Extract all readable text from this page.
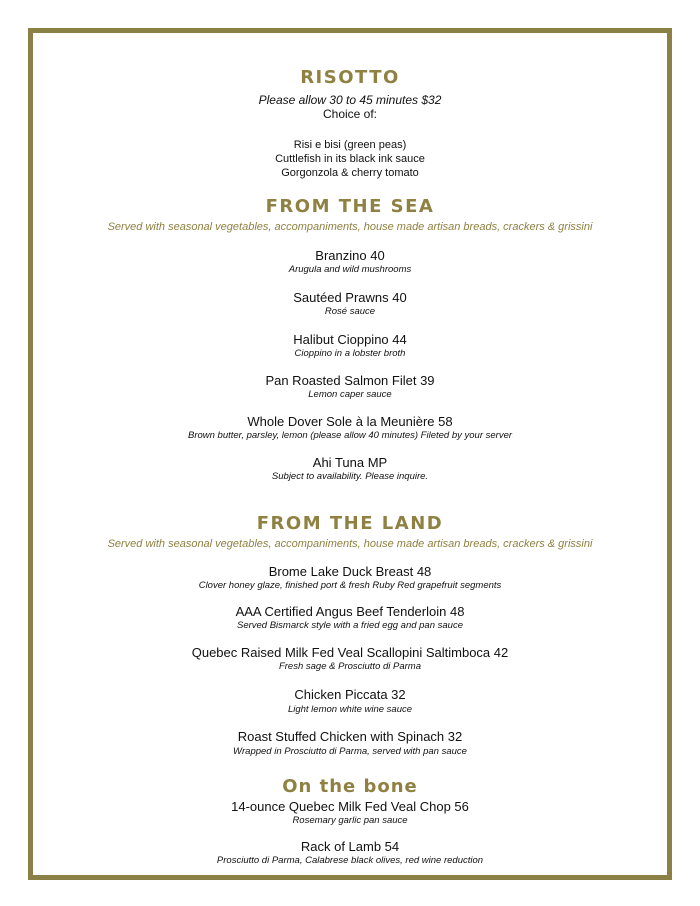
RISOTTO
Please allow 30 to 45 minutes $32
Choice of:
Risi e bisi (green peas)
Cuttlefish in its black ink sauce
Gorgonzola & cherry tomato
FROM THE SEA
Served with seasonal vegetables, accompaniments, house made artisan breads, crackers & grissini
Branzino 40
Arugula and wild mushrooms
Sautéed Prawns 40
Rosé sauce
Halibut Cioppino 44
Cioppino in a lobster broth
Pan Roasted Salmon Filet 39
Lemon caper sauce
Whole Dover Sole à la Meunière 58
Brown butter, parsley, lemon (please allow 40 minutes) Fileted by your server
Ahi Tuna MP
Subject to availability. Please inquire.
FROM THE LAND
Served with seasonal vegetables, accompaniments, house made artisan breads, crackers & grissini
Brome Lake Duck Breast 48
Clover honey glaze, finished port & fresh Ruby Red grapefruit segments
AAA Certified Angus Beef Tenderloin 48
Served Bismarck style with a fried egg and pan sauce
Quebec Raised Milk Fed Veal Scallopini Saltimboca 42
Fresh sage & Prosciutto di Parma
Chicken Piccata 32
Light lemon white wine sauce
Roast Stuffed Chicken with Spinach 32
Wrapped in Prosciutto di Parma, served with pan sauce
On the bone
14-ounce Quebec Milk Fed Veal Chop 56
Rosemary garlic pan sauce
Rack of Lamb 54
Prosciutto di Parma, Calabrese black olives, red wine reduction
